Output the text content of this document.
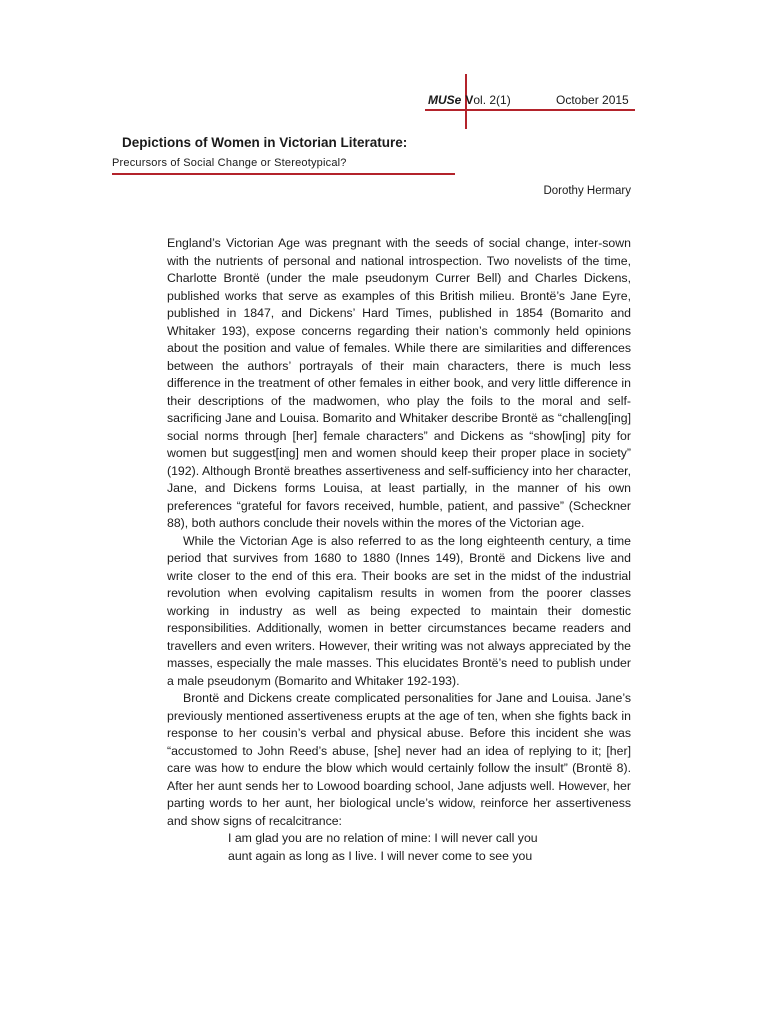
MUSe Vol. 2(1)	October 2015
Depictions of Women in Victorian Literature:
Precursors of Social Change or Stereotypical?
Dorothy Hermary

England’s Victorian Age was pregnant with the seeds of social change, inter-sown with the nutrients of personal and national introspection. Two novelists of the time, Charlotte Brontë (under the male pseudonym Currer Bell) and Charles Dickens, published works that serve as examples of this British milieu. Brontë’s Jane Eyre, published in 1847, and Dickens’ Hard Times, published in 1854 (Bomarito and Whitaker 193), expose concerns regarding their nation’s commonly held opinions about the position and value of females. While there are similarities and differences between the authors’ portrayals of their main characters, there is much less difference in the treatment of other females in either book, and very little difference in their descriptions of the madwomen, who play the foils to the moral and self-sacrificing Jane and Louisa. Bomarito and Whitaker describe Brontë as “challeng[ing] social norms through [her] female characters” and Dickens as “show[ing] pity for women but suggest[ing] men and women should keep their proper place in society” (192). Although Brontë breathes assertiveness and self-sufficiency into her character, Jane, and Dickens forms Louisa, at least partially, in the manner of his own preferences “grateful for favors received, humble, patient, and passive” (Scheckner 88), both authors conclude their novels within the mores of the Victorian age.

While the Victorian Age is also referred to as the long eighteenth century, a time period that survives from 1680 to 1880 (Innes 149), Brontë and Dickens live and write closer to the end of this era. Their books are set in the midst of the industrial revolution when evolving capitalism results in women from the poorer classes working in industry as well as being expected to maintain their domestic responsibilities. Additionally, women in better circumstances became readers and travellers and even writers. However, their writing was not always appreciated by the masses, especially the male masses. This elucidates Brontë’s need to publish under a male pseudonym (Bomarito and Whitaker 192-193).

Brontë and Dickens create complicated personalities for Jane and Louisa. Jane’s previously mentioned assertiveness erupts at the age of ten, when she fights back in response to her cousin’s verbal and physical abuse. Before this incident she was “accustomed to John Reed’s abuse, [she] never had an idea of replying to it; [her] care was how to endure the blow which would certainly follow the insult” (Brontë 8). After her aunt sends her to Lowood boarding school, Jane adjusts well. However, her parting words to her aunt, her biological uncle’s widow, reinforce her assertiveness and show signs of recalcitrance:

I am glad you are no relation of mine: I will never call you
aunt again as long as I live. I will never come to see you
